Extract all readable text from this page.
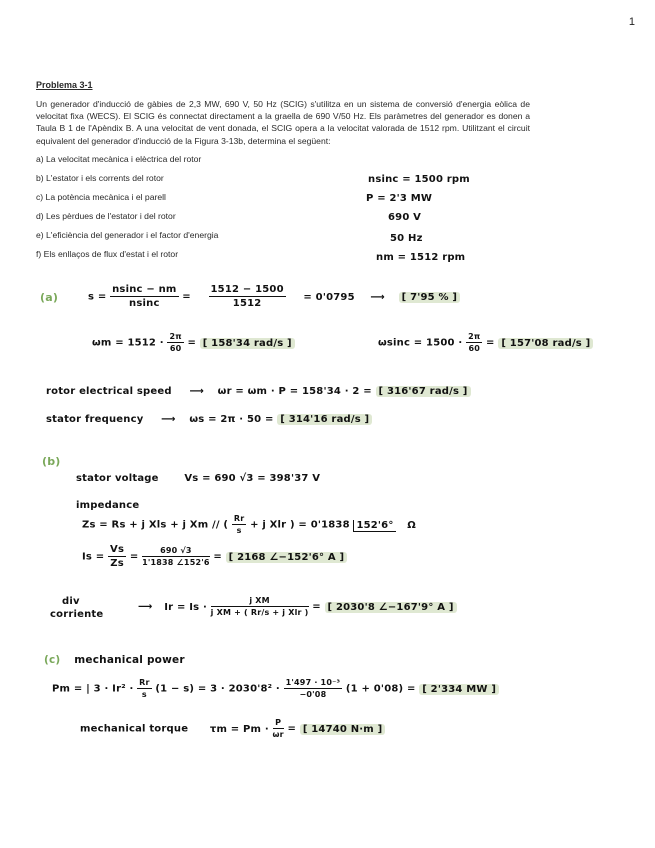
1
Problema 3-1
Un generador d'inducció de gàbies de 2,3 MW, 690 V, 50 Hz (SCIG) s'utilitza en un sistema de conversió d'energia eòlica de velocitat fixa (WECS). El SCIG és connectat directament a la graella de 690 V/50 Hz. Els paràmetres del generador es donen a Taula B 1 de l'Apèndix B. A una velocitat de vent donada, el SCIG opera a la velocitat valorada de 1512 rpm. Utilitzant el circuit equivalent del generador d'inducció de la Figura 3-13b, determina el següent:
a) La velocitat mecànica i elèctrica del rotor
b) L'estator i els corrents del rotor
c) La potència mecànica i el parell
d) Les pèrdues de l'estator i del rotor
e) L'eficiència del generador i el factor d'energia
f) Els enllaços de flux d'estat i el rotor
nsinc = 1500 rpm
P = 2'3 MW
690 V
50 Hz
nm = 1512 rpm
(a)	$s = \frac{nsinc - nm}{nsinc} = \frac{1512 - 1500}{1512} = 0'0795$ ⟶ [ 7'95 % ]
$\omega m = 1512 \cdot \frac{2\pi}{60}$ = [ 158'34 rad/s ]	$\omega\sin c = 1500 \cdot \frac{2\pi}{60}$ = [ 157'08 rad/s ]
rotor electrical speed ⟶ ωr = ωm · P = 158'34 · 2 = [ 316'67 rad/s ]
stator frequency ⟶ ωs = 2π · 50 = [ 314'16 rad/s ]
(b)
stator voltage	Vs = 690 √3 = 398'37 V
impedance
Zs = Rs + j Xls + j Xm // ( $\frac{Rr}{s} + j$ Xlr ) = 0'1838 152'6° Ω
$Is = \frac{Vs}{Zs} = \frac{690 √3}{1'1838 \angle 152'6}$ = [ 2168 ∠−152'6° A ]
div
corriente
⟶ $Ir = Is \cdot \frac{\text{j XM}}{\text{j XM + ( Rr/s + j Xlr )}}$ = [ 2030'8 ∠−167'9° A ]
(c) mechanical power
Pm = | $3 \cdot Ir^2 \cdot \frac{Rr}{s} (1 - s) = 3 \cdot 2030'8^2 \cdot \frac{\text{1'497 · 10⁻³}}{-0'08} (1 + 0'08)$ = [ 2'334 MW ]
mechanical torque $\tau m = Pm \cdot \frac{P}{\omega r}$ = [ 14740 N·m ]
